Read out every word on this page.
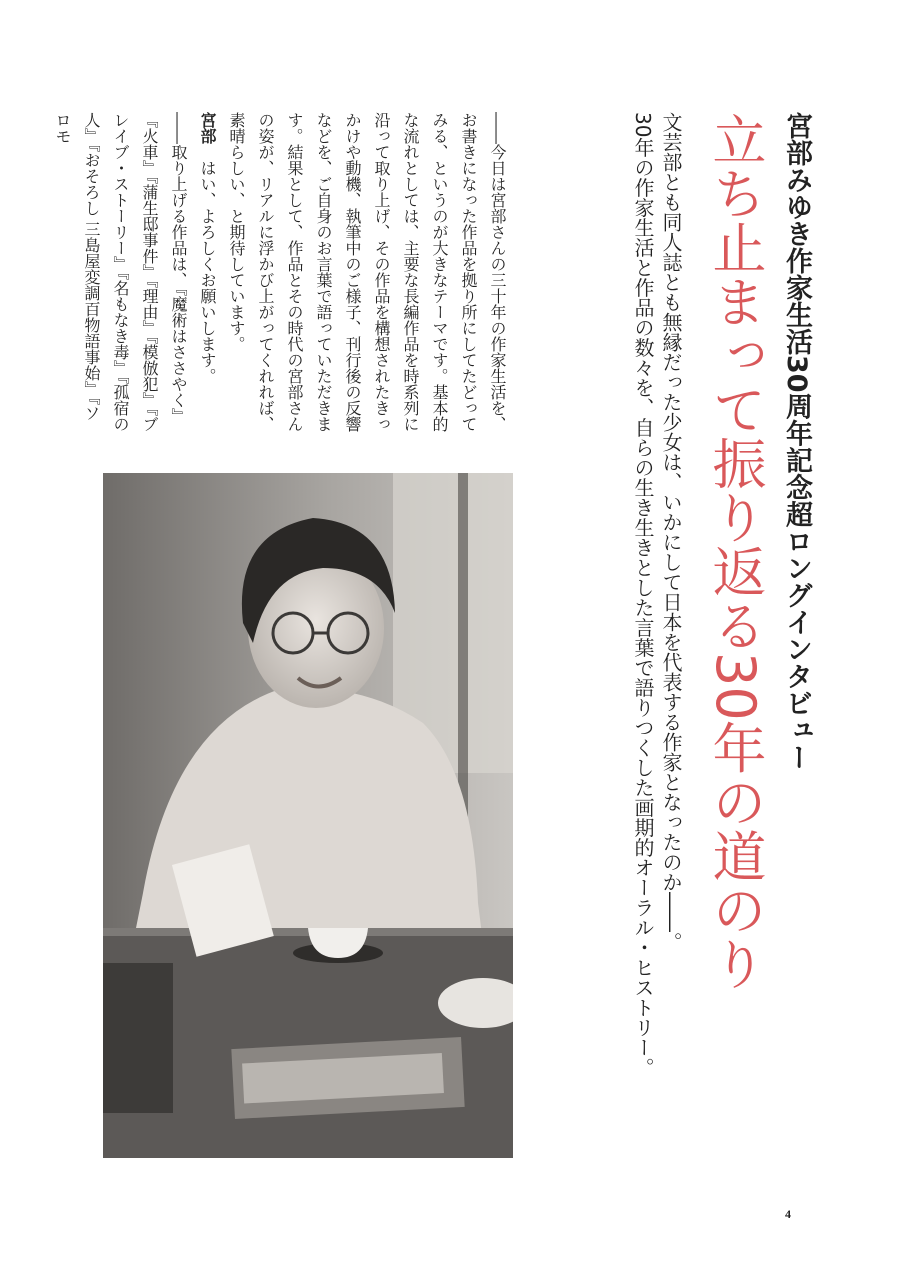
宮部みゆき作家生活30周年記念超ロングインタビュー
立ち止まって振り返る30年の道のり
文芸部とも同人誌とも無縁だった少女は、いかにして日本を代表する作家となったのか――。
30年の作家生活と作品の数々を、自らの生き生きとした言葉で語りつくした画期的オーラル・ヒストリー。

――今日は宮部さんの三十年の作家生活を、お書きになった作品を拠り所にしてたどってみる、というのが大きなテーマです。基本的な流れとしては、主要な長編作品を時系列に沿って取り上げ、その作品を構想されたきっかけや動機、執筆中のご様子、刊行後の反響などを、ご自身のお言葉で語っていただきます。結果として、作品とその時代の宮部さんの姿が、リアルに浮かび上がってくれれば、素晴らしい、と期待しています。

宮部　はい、よろしくお願いします。

――取り上げる作品は、『魔術はささやく』『火車』『蒲生邸事件』『理由』『模倣犯』『ブレイブ・ストーリー』『名もなき毒』『孤宿の人』『おそろし 三島屋変調百物語事始』『ソロモ

4
